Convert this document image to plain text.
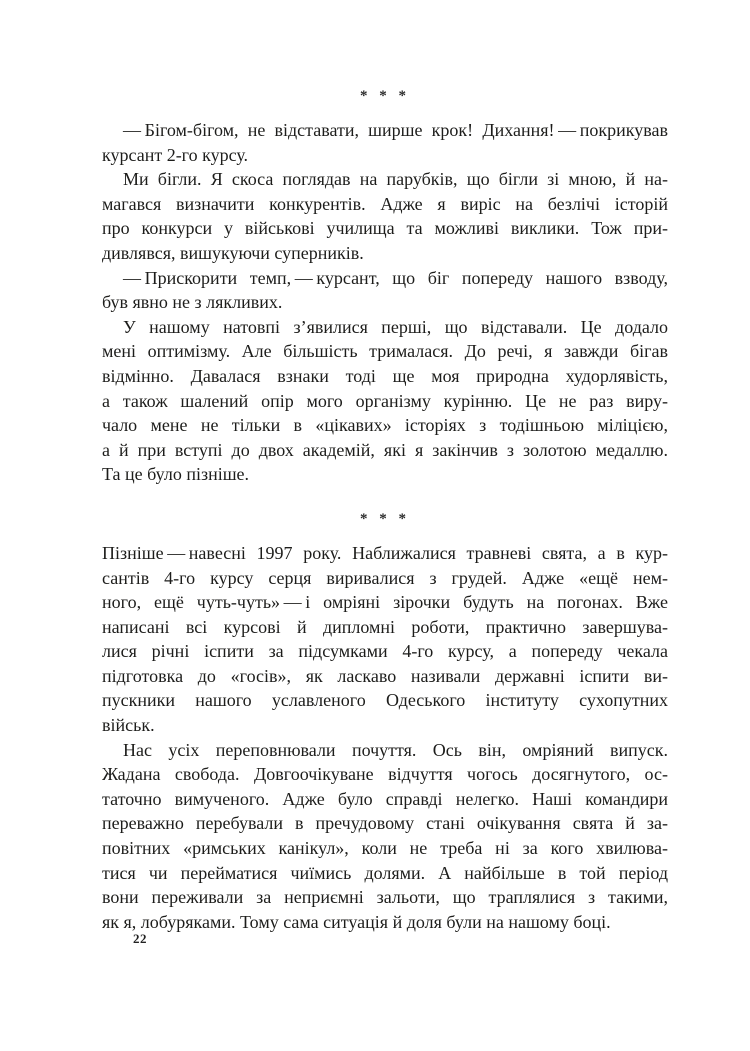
* * *
— Бігом-бігом, не відставати, ширше крок! Дихання! — покрикував
курсант 2-го курсу.
Ми бігли. Я скоса поглядав на парубків, що бігли зі мною, й на-
магався визначити конкурентів. Адже я виріс на безлічі історій
про конкурси у військові училища та можливі виклики. Тож при-
дивлявся, вишукуючи суперників.
— Прискорити темп, — курсант, що біг попереду нашого взводу,
був явно не з лякливих.
У нашому натовпі з’явилися перші, що відставали. Це додало
мені оптимізму. Але більшість трималася. До речі, я завжди бігав
відмінно. Давалася взнаки тоді ще моя природна худорлявість,
а також шалений опір мого організму курінню. Це не раз виру-
чало мене не тільки в «цікавих» історіях з тодішньою міліцією,
а й при вступі до двох академій, які я закінчив з золотою медаллю.
Та це було пізніше.
* * *
Пізніше — навесні 1997 року. Наближалися травневі свята, а в кур-
сантів 4-го курсу серця виривалися з грудей. Адже «ещё нем-
ного, ещё чуть-чуть» — і омріяні зірочки будуть на погонах. Вже
написані всі курсові й дипломні роботи, практично завершува-
лися річні іспити за підсумками 4-го курсу, а попереду чекала
підготовка до «госів», як ласкаво називали державні іспити ви-
пускники нашого уславленого Одеського інституту сухопутних
військ.
Нас усіх переповнювали почуття. Ось він, омріяний випуск.
Жадана свобода. Довгоочікуване відчуття чогось досягнутого, ос-
таточно вимученого. Адже було справді нелегко. Наші командири
переважно перебували в пречудовому стані очікування свята й за-
повітних «римських канікул», коли не треба ні за кого хвилюва-
тися чи перейматися чиїмись долями. А найбільше в той період
вони переживали за неприємні зальоти, що траплялися з такими,
як я, лобуряками. Тому сама ситуація й доля були на нашому боці.
22
